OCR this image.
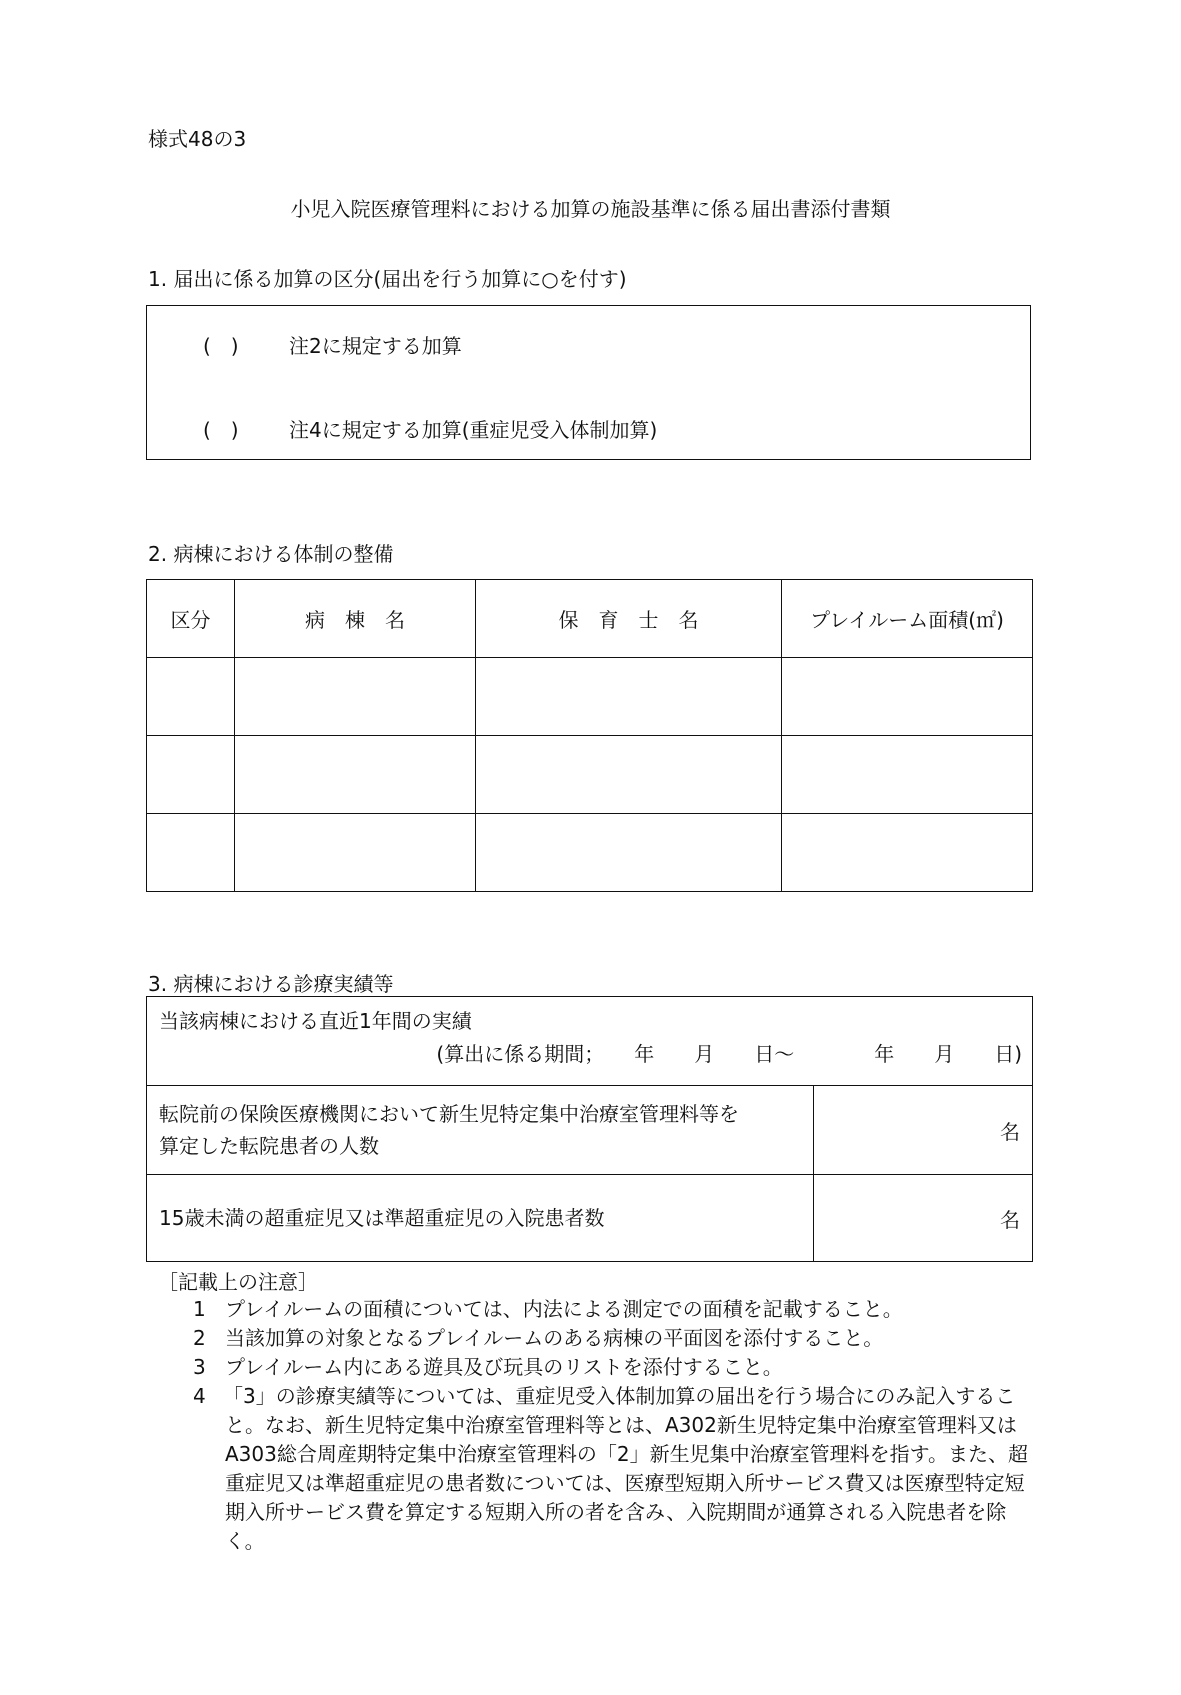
様式48の3
小児入院医療管理料における加算の施設基準に係る届出書添付書類
1. 届出に係る加算の区分(届出を行う加算に○を付す)
(　)	注2に規定する加算
(　)	注4に規定する加算(重症児受入体制加算)
2. 病棟における体制の整備
区分	病　棟　名	保　育　士　名	プレイルーム面積(㎡)

3. 病棟における診療実績等
当該病棟における直近1年間の実績
(算出に係る期間；　　年　　月　　日～　　　　年　　月　　日)	

転院前の保険医療機関において新生児特定集中治療室管理料等を
算定した転院患者の人数	名

15歳未満の超重症児又は準超重症児の入院患者数	名
［記載上の注意］
1 プレイルームの面積については、内法による測定での面積を記載すること。
2 当該加算の対象となるプレイルームのある病棟の平面図を添付すること。
3 プレイルーム内にある遊具及び玩具のリストを添付すること。
4 「3」の診療実績等については、重症児受入体制加算の届出を行う場合にのみ記入すること。なお、新生児特定集中治療室管理料等とは、A302新生児特定集中治療室管理料又はA303総合周産期特定集中治療室管理料の「2」新生児集中治療室管理料を指す。また、超重症児又は準超重症児の患者数については、医療型短期入所サービス費又は医療型特定短期入所サービス費を算定する短期入所の者を含み、入院期間が通算される入院患者を除く。
